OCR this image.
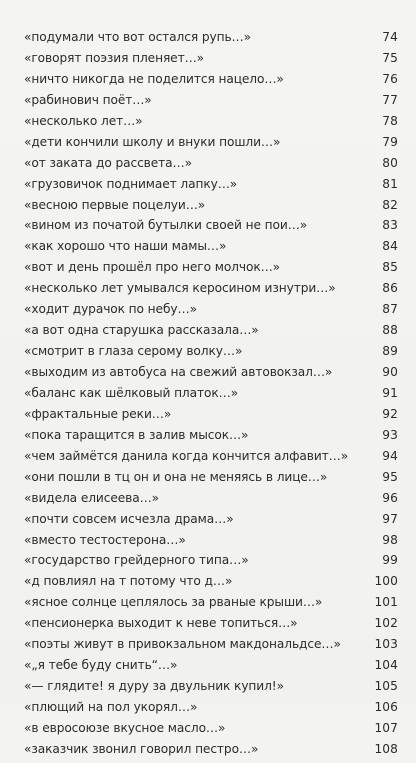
«подумали что вот остался рупь…»	74
«говорят поэзия пленяет…»	75
«ничто никогда не поделится нацело…»	76
«рабинович поёт…»	77
«несколько лет…»	78
«дети кончили школу и внуки пошли…»	79
«от заката до рассвета…»	80
«грузовичок поднимает лапку…»	81
«весною первые поцелуи…»	82
«вином из початой бутылки своей не пои…»	83
«как хорошо что наши мамы…»	84
«вот и день прошёл про него молчок…»	85
«несколько лет умывался керосином изнутри…»	86
«ходит дурачок по небу…»	87
«а вот одна старушка рассказала…»	88
«смотрит в глаза серому волку…»	89
«выходим из автобуса на свежий автовокзал…»	90
«баланс как шёлковый платок…»	91
«фрактальные реки…»	92
«пока таращится в залив мысок…»	93
«чем займётся данила когда кончится алфавит…»	94
«они пошли в тц он и она не меняясь в лице…»	95
«видела елисеева…»	96
«почти совсем исчезла драма…»	97
«вместо тестостерона…»	98
«государство грейдерного типа…»	99
«д повлиял на т потому что д…»	100
«ясное солнце цеплялось за рваные крыши…»	101
«пенсионерка выходит к неве топиться…»	102
«поэты живут в привокзальном макдональдсе…»	103
«„я тебе буду снить“…»	104
«— глядите! я дуру за двульник купил!»	105
«плющий на пол укорял…»	106
«в евросоюзе вкусное масло…»	107
«заказчик звонил говорил пестро…»	108
